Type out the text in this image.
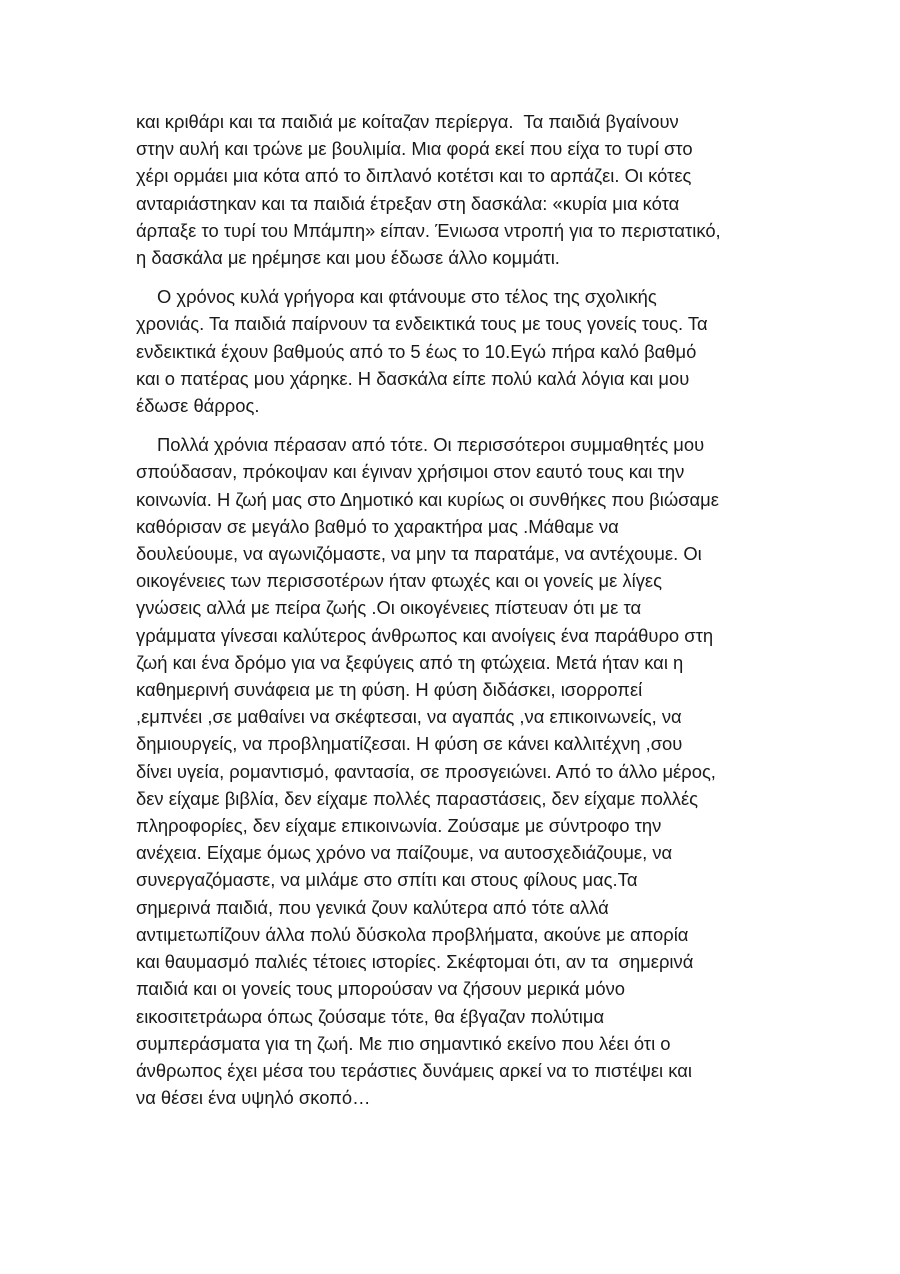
και κριθάρι και τα παιδιά με κοίταζαν περίεργα.  Τα παιδιά βγαίνουν
στην αυλή και τρώνε με βουλιμία. Μια φορά εκεί που είχα το τυρί στο
χέρι ορμάει μια κότα από το διπλανό κοτέτσι και το αρπάζει. Οι κότες
ανταριάστηκαν και τα παιδιά έτρεξαν στη δασκάλα: «κυρία μια κότα
άρπαξε το τυρί του Μπάμπη» είπαν. Ένιωσα ντροπή για το περιστατικό,
η δασκάλα με ηρέμησε και μου έδωσε άλλο κομμάτι.

Ο χρόνος κυλά γρήγορα και φτάνουμε στο τέλος της σχολικής
χρονιάς. Τα παιδιά παίρνουν τα ενδεικτικά τους με τους γονείς τους. Τα
ενδεικτικά έχουν βαθμούς από το 5 έως το 10.Εγώ πήρα καλό βαθμό
και ο πατέρας μου χάρηκε. Η δασκάλα είπε πολύ καλά λόγια και μου
έδωσε θάρρος.

Πολλά χρόνια πέρασαν από τότε. Οι περισσότεροι συμμαθητές μου
σπούδασαν, πρόκοψαν και έγιναν χρήσιμοι στον εαυτό τους και την
κοινωνία. Η ζωή μας στο Δημοτικό και κυρίως οι συνθήκες που βιώσαμε
καθόρισαν σε μεγάλο βαθμό το χαρακτήρα μας .Μάθαμε να
δουλεύουμε, να αγωνιζόμαστε, να μην τα παρατάμε, να αντέχουμε. Οι
οικογένειες των περισσοτέρων ήταν φτωχές και οι γονείς με λίγες
γνώσεις αλλά με πείρα ζωής .Οι οικογένειες πίστευαν ότι με τα
γράμματα γίνεσαι καλύτερος άνθρωπος και ανοίγεις ένα παράθυρο στη
ζωή και ένα δρόμο για να ξεφύγεις από τη φτώχεια. Μετά ήταν και η
καθημερινή συνάφεια με τη φύση. Η φύση διδάσκει, ισορροπεί
,εμπνέει ,σε μαθαίνει να σκέφτεσαι, να αγαπάς ,να επικοινωνείς, να
δημιουργείς, να προβληματίζεσαι. Η φύση σε κάνει καλλιτέχνη ,σου
δίνει υγεία, ρομαντισμό, φαντασία, σε προσγειώνει. Από το άλλο μέρος,
δεν είχαμε βιβλία, δεν είχαμε πολλές παραστάσεις, δεν είχαμε πολλές
πληροφορίες, δεν είχαμε επικοινωνία. Ζούσαμε με σύντροφο την
ανέχεια. Είχαμε όμως χρόνο να παίζουμε, να αυτοσχεδιάζουμε, να
συνεργαζόμαστε, να μιλάμε στο σπίτι και στους φίλους μας.Τα
σημερινά παιδιά, που γενικά ζουν καλύτερα από τότε αλλά
αντιμετωπίζουν άλλα πολύ δύσκολα προβλήματα, ακούνε με απορία
και θαυμασμό παλιές τέτοιες ιστορίες. Σκέφτομαι ότι, αν τα  σημερινά
παιδιά και οι γονείς τους μπορούσαν να ζήσουν μερικά μόνο
εικοσιτετράωρα όπως ζούσαμε τότε, θα έβγαζαν πολύτιμα
συμπεράσματα για τη ζωή. Με πιο σημαντικό εκείνο που λέει ότι ο
άνθρωπος έχει μέσα του τεράστιες δυνάμεις αρκεί να το πιστέψει και
να θέσει ένα υψηλό σκοπό…
